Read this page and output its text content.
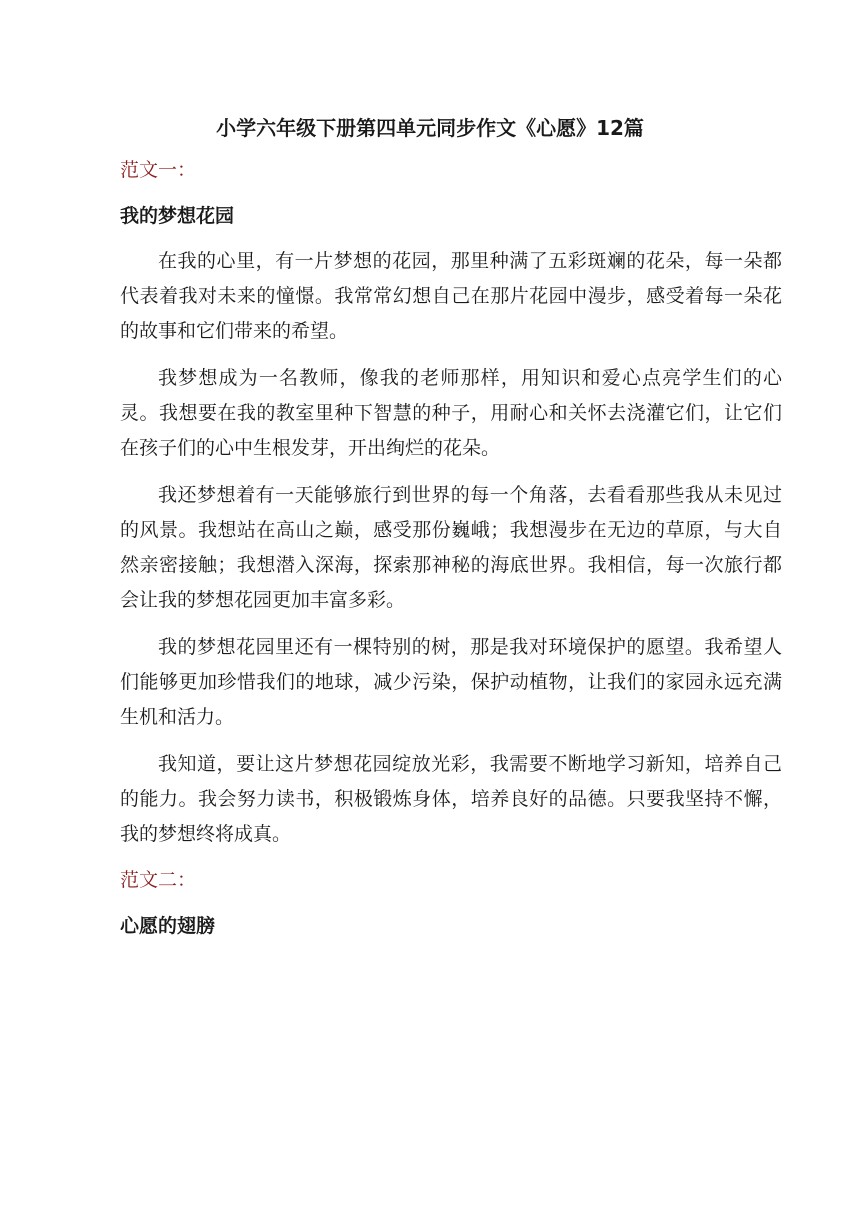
小学六年级下册第四单元同步作文《心愿》12篇
范文一：
我的梦想花园

在我的心里，有一片梦想的花园，那里种满了五彩斑斓的花朵，每一朵都代表着我对未来的憧憬。我常常幻想自己在那片花园中漫步，感受着每一朵花的故事和它们带来的希望。

我梦想成为一名教师，像我的老师那样，用知识和爱心点亮学生们的心灵。我想要在我的教室里种下智慧的种子，用耐心和关怀去浇灌它们，让它们在孩子们的心中生根发芽，开出绚烂的花朵。

我还梦想着有一天能够旅行到世界的每一个角落，去看看那些我从未见过的风景。我想站在高山之巅，感受那份巍峨；我想漫步在无边的草原，与大自然亲密接触；我想潜入深海，探索那神秘的海底世界。我相信，每一次旅行都会让我的梦想花园更加丰富多彩。

我的梦想花园里还有一棵特别的树，那是我对环境保护的愿望。我希望人们能够更加珍惜我们的地球，减少污染，保护动植物，让我们的家园永远充满生机和活力。

我知道，要让这片梦想花园绽放光彩，我需要不断地学习新知，培养自己的能力。我会努力读书，积极锻炼身体，培养良好的品德。只要我坚持不懈，我的梦想终将成真。

范文二：
心愿的翅膀
